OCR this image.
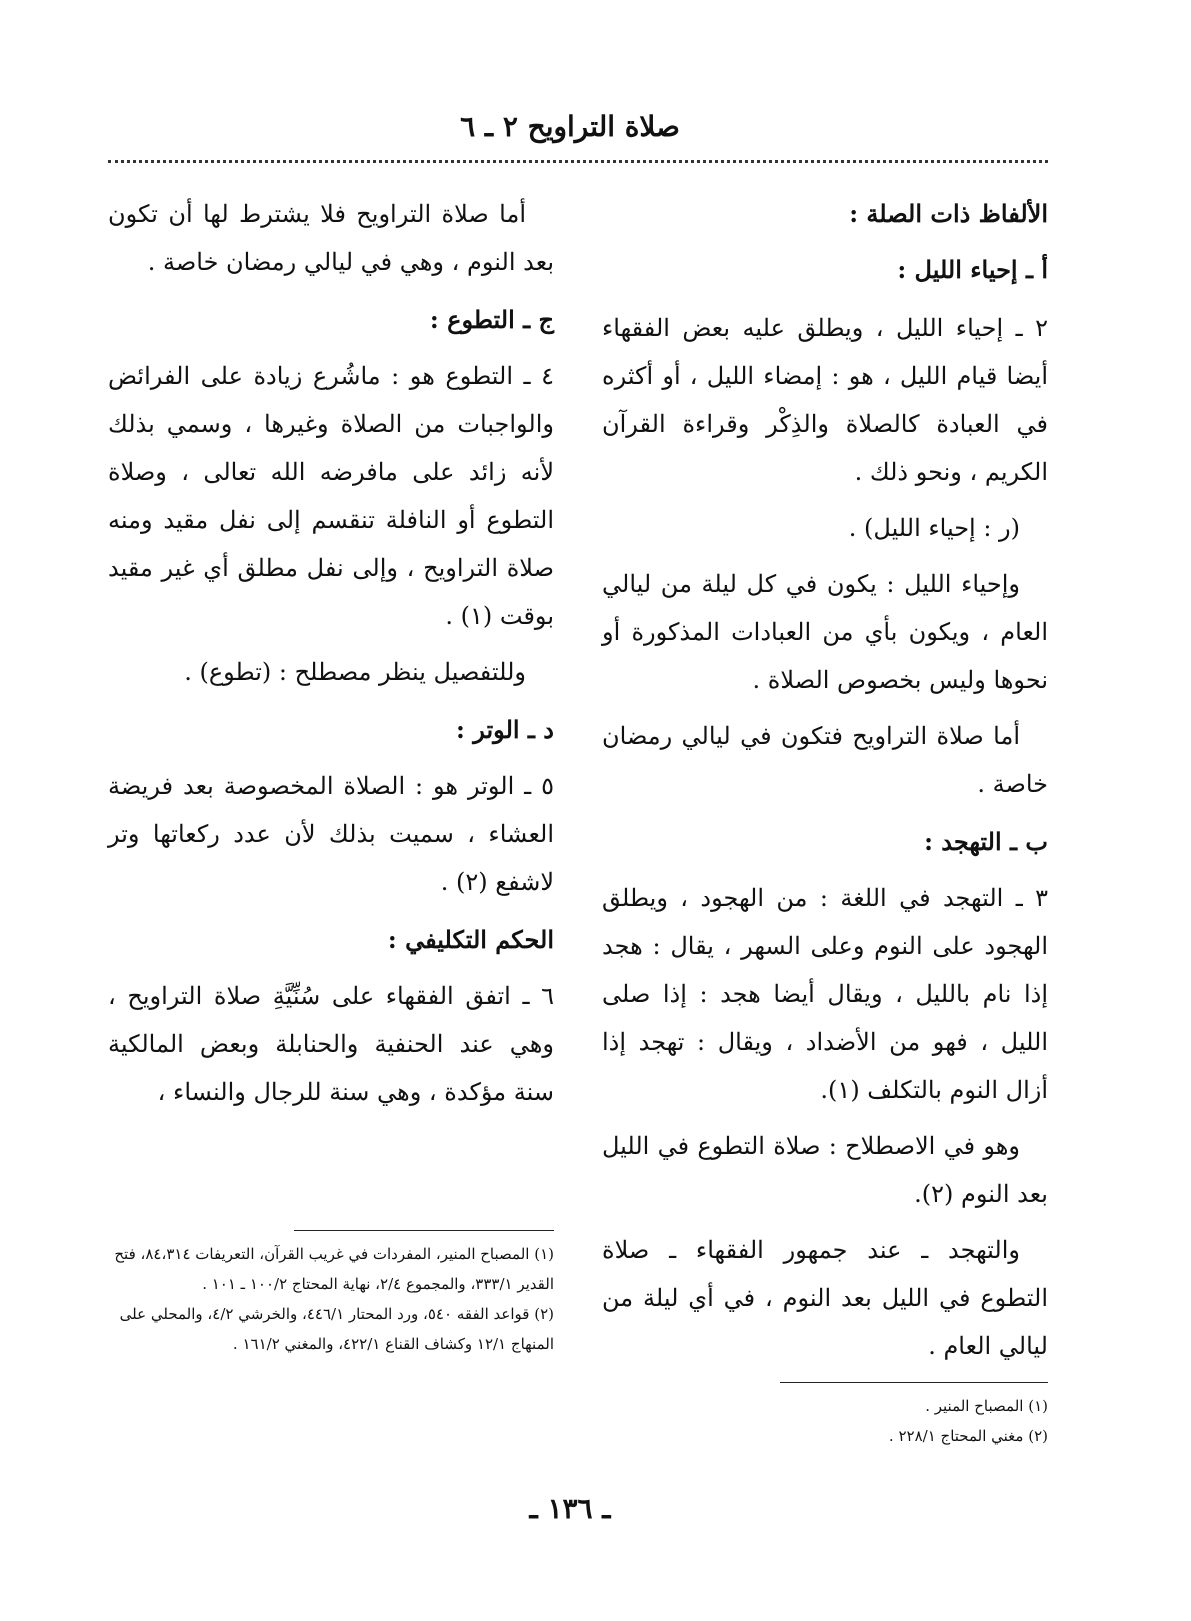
صلاة التراويح ٢ ـ ٦

الألفاظ ذات الصلة :

أ ـ إحياء الليل :

٢ ـ إحياء الليل ، ويطلق عليه بعض الفقهاء أيضا قيام الليل ، هو : إمضاء الليل ، أو أكثره في العبادة كالصلاة والذِكْر وقراءة القرآن الكريم ، ونحو ذلك .

(ر : إحياء الليل) .

وإحياء الليل : يكون في كل ليلة من ليالي العام ، ويكون بأي من العبادات المذكورة أو نحوها وليس بخصوص الصلاة .

أما صلاة التراويح فتكون في ليالي رمضان خاصة .

ب ـ التهجد :

٣ ـ التهجد في اللغة : من الهجود ، ويطلق الهجود على النوم وعلى السهر ، يقال : هجد إذا نام بالليل ، ويقال أيضا هجد : إذا صلى الليل ، فهو من الأضداد ، ويقال : تهجد إذا أزال النوم بالتكلف (١).

وهو في الاصطلاح : صلاة التطوع في الليل بعد النوم (٢).

والتهجد ـ عند جمهور الفقهاء ـ صلاة التطوع في الليل بعد النوم ، في أي ليلة من ليالي العام .

أما صلاة التراويح فلا يشترط لها أن تكون بعد النوم ، وهي في ليالي رمضان خاصة .

ج ـ التطوع :

٤ ـ التطوع هو : ماشُرع زيادة على الفرائض والواجبات من الصلاة وغيرها ، وسمي بذلك لأنه زائد على مافرضه الله تعالى ، وصلاة التطوع أو النافلة تنقسم إلى نفل مقيد ومنه صلاة التراويح ، وإلى نفل مطلق أي غير مقيد بوقت (١) .

وللتفصيل ينظر مصطلح : (تطوع) .

د ـ الوتر :

٥ ـ الوتر هو : الصلاة المخصوصة بعد فريضة العشاء ، سميت بذلك لأن عدد ركعاتها وتر لاشفع (٢) .

الحكم التكليفي :

٦ ـ اتفق الفقهاء على سُنِّيَّةِ صلاة التراويح ، وهي عند الحنفية والحنابلة وبعض المالكية سنة مؤكدة ، وهي سنة للرجال والنساء ،

(١) المصباح المنير، المفردات في غريب القرآن، التعريفات ٨٤،٣١٤، فتح القدير ٣٣٣/١، والمجموع ٢/٤، نهاية المحتاج ١٠٠/٢ ـ ١٠١ .

(٢) قواعد الفقه ٥٤٠، ورد المحتار ٤٤٦/١، والخرشي ٤/٢، والمحلي على المنهاج ١٢/١ وكشاف القناع ٤٢٢/١، والمغني ١٦١/٢ .

(١) المصباح المنير .

(٢) مغني المحتاج ٢٢٨/١ .

ـ ١٣٦ ـ
